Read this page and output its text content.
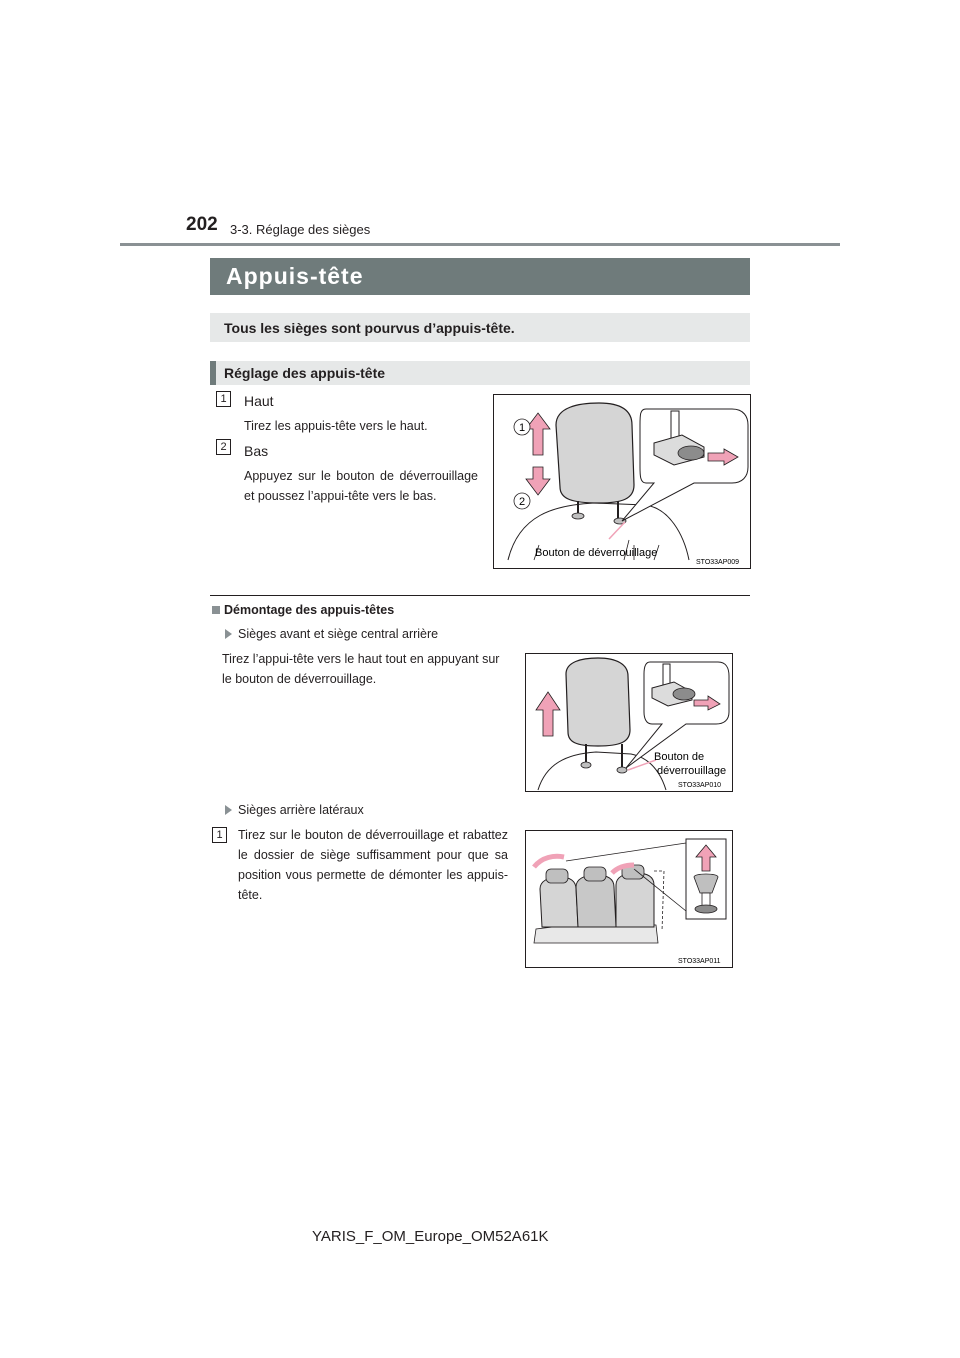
202 3-3. Réglage des sièges
Appuis-tête
Tous les sièges sont pourvus d’appuis-tête.
Réglage des appuis-tête
1	Haut
Tirez les appuis-tête vers le haut.
2	Bas
Appuyez sur le bouton de déverrouillage et poussez l’appui-tête vers le bas.
1
2
Bouton de déverrouillage
STO33AP009
Démontage des appuis-têtes
Sièges avant et siège central arrière
Tirez l’appui-tête vers le haut tout en appuyant sur le bouton de déverrouillage.
Bouton de
déverrouillage
STO33AP010
Sièges arrière latéraux
1	Tirez sur le bouton de déverrouillage et rabattez le dossier de siège suffisamment pour que sa position vous permette de démonter les appuis-tête.
STO33AP011
YARIS_F_OM_Europe_OM52A61K
